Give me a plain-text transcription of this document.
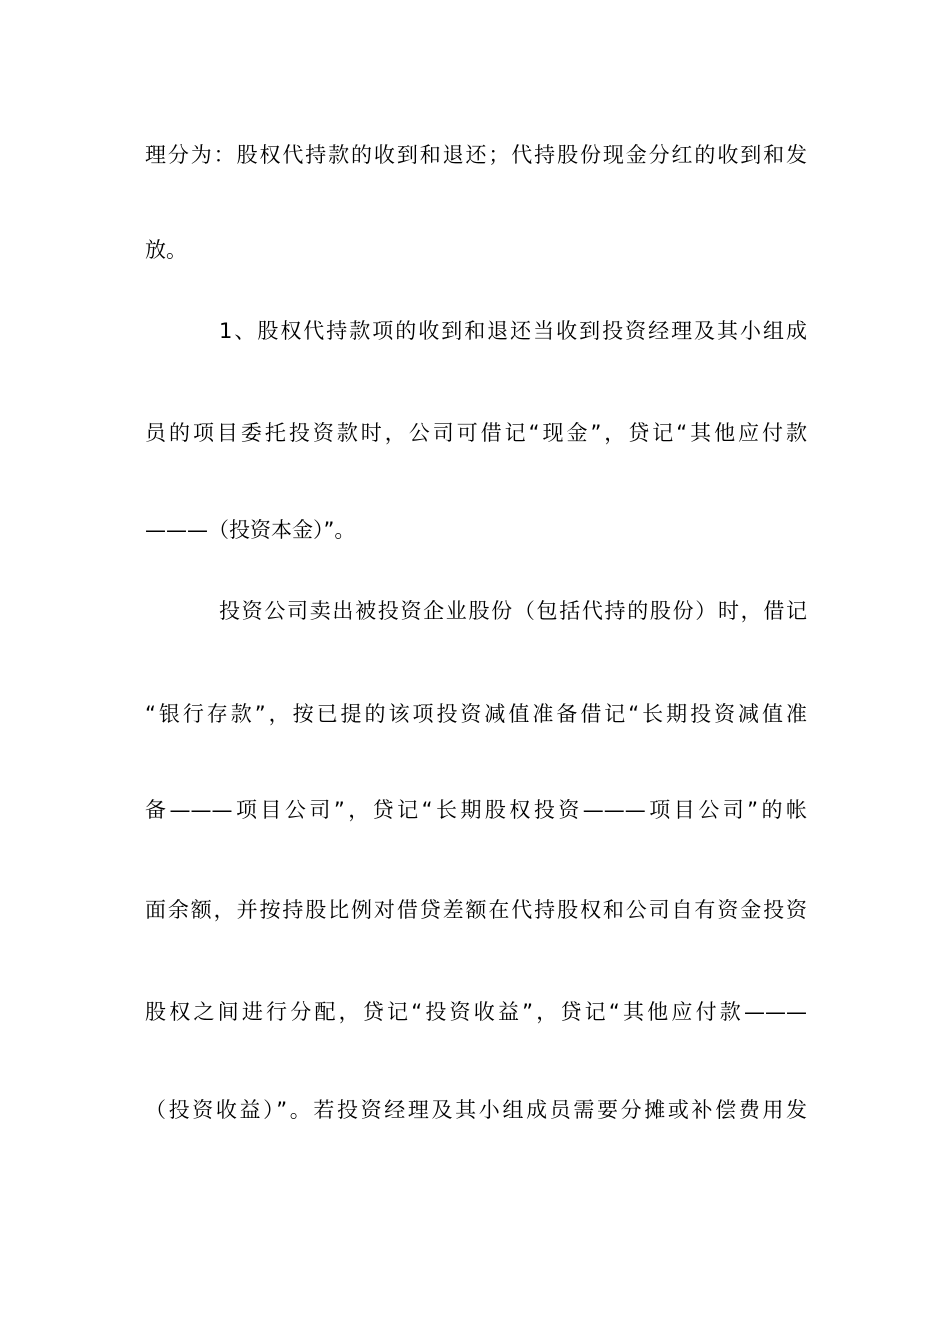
理分为：股权代持款的收到和退还；代持股份现金分红的收到和发
放。
1、股权代持款项的收到和退还当收到投资经理及其小组成
员的项目委托投资款时，公司可借记“现金”，贷记“其他应付款
———（投资本金）”。
投资公司卖出被投资企业股份（包括代持的股份）时，借记
“银行存款”，按已提的该项投资减值准备借记“长期投资减值准
备———项目公司”，贷记“长期股权投资———项目公司”的帐
面余额，并按持股比例对借贷差额在代持股权和公司自有资金投资
股权之间进行分配，贷记“投资收益”，贷记“其他应付款———
（投资收益）”。若投资经理及其小组成员需要分摊或补偿费用发
